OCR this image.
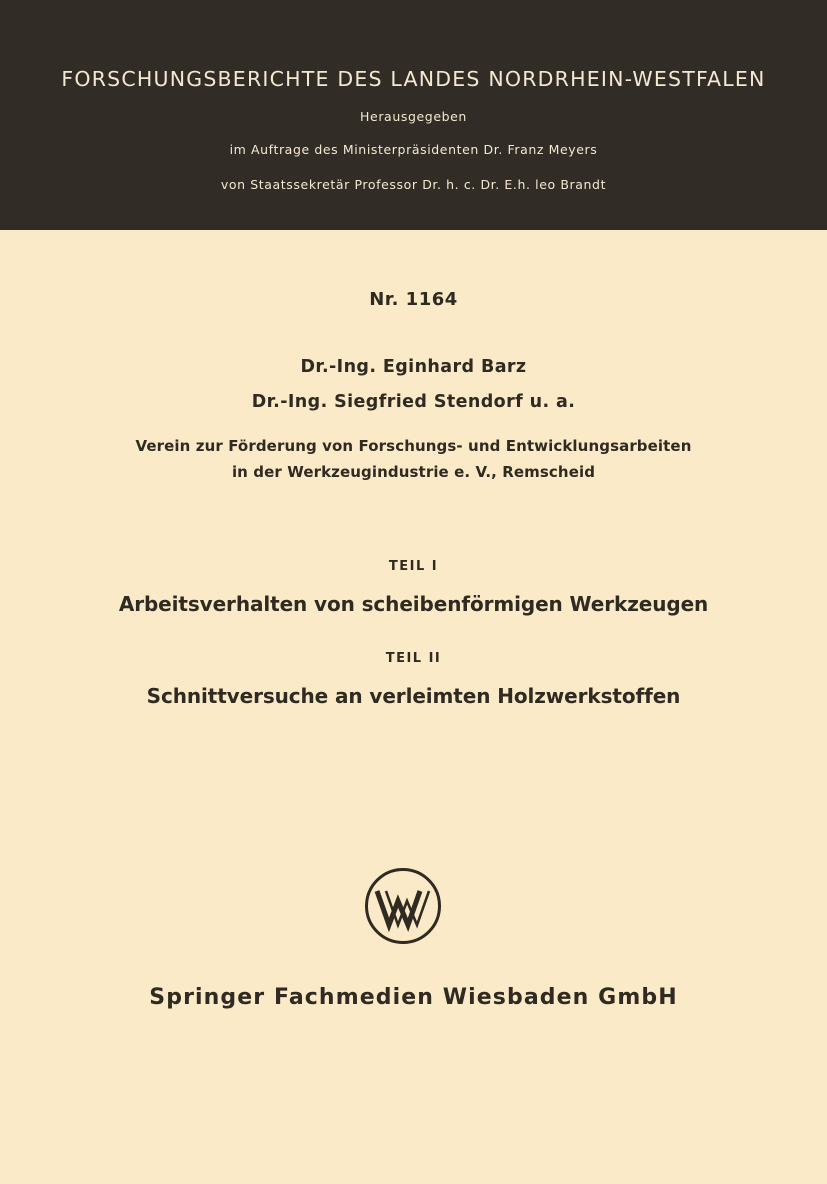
FORSCHUNGSBERICHTE DES LANDES NORDRHEIN-WESTFALEN
Herausgegeben
im Auftrage des Ministerpräsidenten Dr. Franz Meyers
von Staatssekretär Professor Dr. h. c. Dr. E.h. leo Brandt
Nr. 1164
Dr.-Ing. Eginhard Barz
Dr.-Ing. Siegfried Stendorf u. a.
Verein zur Förderung von Forschungs- und Entwicklungsarbeiten
in der Werkzeugindustrie e. V., Remscheid
TEIL I
Arbeitsverhalten von scheibenförmigen Werkzeugen
TEIL II
Schnittversuche an verleimten Holzwerkstoffen
Springer Fachmedien Wiesbaden GmbH
